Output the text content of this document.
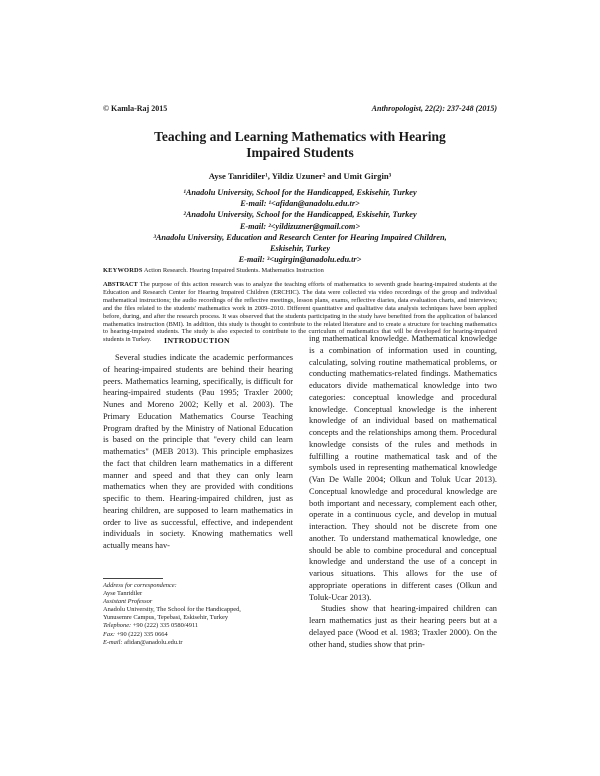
© Kamla-Raj 2015	Anthropologist, 22(2): 237-248 (2015)
Teaching and Learning Mathematics with Hearing
Impaired Students
Ayse Tanridiler¹, Yildiz Uzuner² and Umit Girgin³
¹Anadolu University, School for the Handicapped, Eskisehir, Turkey
E-mail: ¹<afidan@anadolu.edu.tr>
²Anadolu University, School for the Handicapped, Eskisehir, Turkey
E-mail: ²<yildizuzner@gmail.com>
³Anadolu University, Education and Research Center for Hearing Impaired Children,
Eskisehir, Turkey
E-mail: ³<ugirgin@anadolu.edu.tr>
KEYWORDS Action Research. Hearing Impaired Students. Mathematics Instruction
ABSTRACT The purpose of this action research was to analyze the teaching efforts of mathematics to seventh grade hearing-impaired students at the Education and Research Center for Hearing Impaired Children (ERCHIC). The data were collected via video recordings of the group and individual mathematical instructions; the audio recordings of the reflective meetings, lesson plans, exams, reflective diaries, data evaluation charts, and interviews; and the files related to the students' mathematics work in 2009–2010. Different quantitative and qualitative data analysis techniques have been applied before, during, and after the research process. It was observed that the students participating in the study have benefited from the application of balanced mathematics instruction (BMI). In addition, this study is thought to contribute to the related literature and to create a structure for teaching mathematics to hearing-impaired students. The study is also expected to contribute to the curriculum of mathematics that will be developed for hearing-impaired students in Turkey.	INTRODUCTION

Several studies indicate the academic performances of hearing-impaired students are behind their hearing peers. Mathematics learning, specifically, is difficult for hearing-impaired students (Pau 1995; Traxler 2000; Nunes and Moreno 2002; Kelly et al. 2003). The Primary Education Mathematics Course Teaching Program drafted by the Ministry of National Education is based on the principle that "every child can learn mathematics" (MEB 2013). This principle emphasizes the fact that children learn mathematics in a different manner and speed and that they can only learn mathematics when they are provided with conditions specific to them. Hearing-impaired children, just as hearing children, are supposed to learn mathematics in order to live as successful, effective, and independent individuals in society. Knowing mathematics well actually means hav-

ing mathematical knowledge. Mathematical knowledge is a combination of information used in counting, calculating, solving routine mathematical problems, or conducting mathematics-related findings. Mathematics educators divide mathematical knowledge into two categories: conceptual knowledge and procedural knowledge. Conceptual knowledge is the inherent knowledge of an individual based on mathematical concepts and the relationships among them. Procedural knowledge consists of the rules and methods in fulfilling a routine mathematical task and of the symbols used in representing mathematical knowledge (Van De Walle 2004; Olkun and Toluk Ucar 2013). Conceptual knowledge and procedural knowledge are both important and necessary, complement each other, operate in a continuous cycle, and develop in mutual interaction. They should not be discrete from one another. To understand mathematical knowledge, one should be able to combine procedural and conceptual knowledge and understand the use of a concept in various situations. This allows for the use of appropriate operations in different cases (Olkun and Toluk-Ucar 2013).

Studies show that hearing-impaired children can learn mathematics just as their hearing peers but at a delayed pace (Wood et al. 1983; Traxler 2000). On the other hand, studies show that prin-

Address for correspondence:
Ayse Tanridiler
Assistant Professor
Anadolu University, The School for the Handicapped,
Yunusemre Campus, Tepebasi, Eskisehir, Turkey
Telephone: +90 (222) 335 0580/4911
Fax: +90 (222) 335 0664
E-mail: afidan@anadolu.edu.tr
